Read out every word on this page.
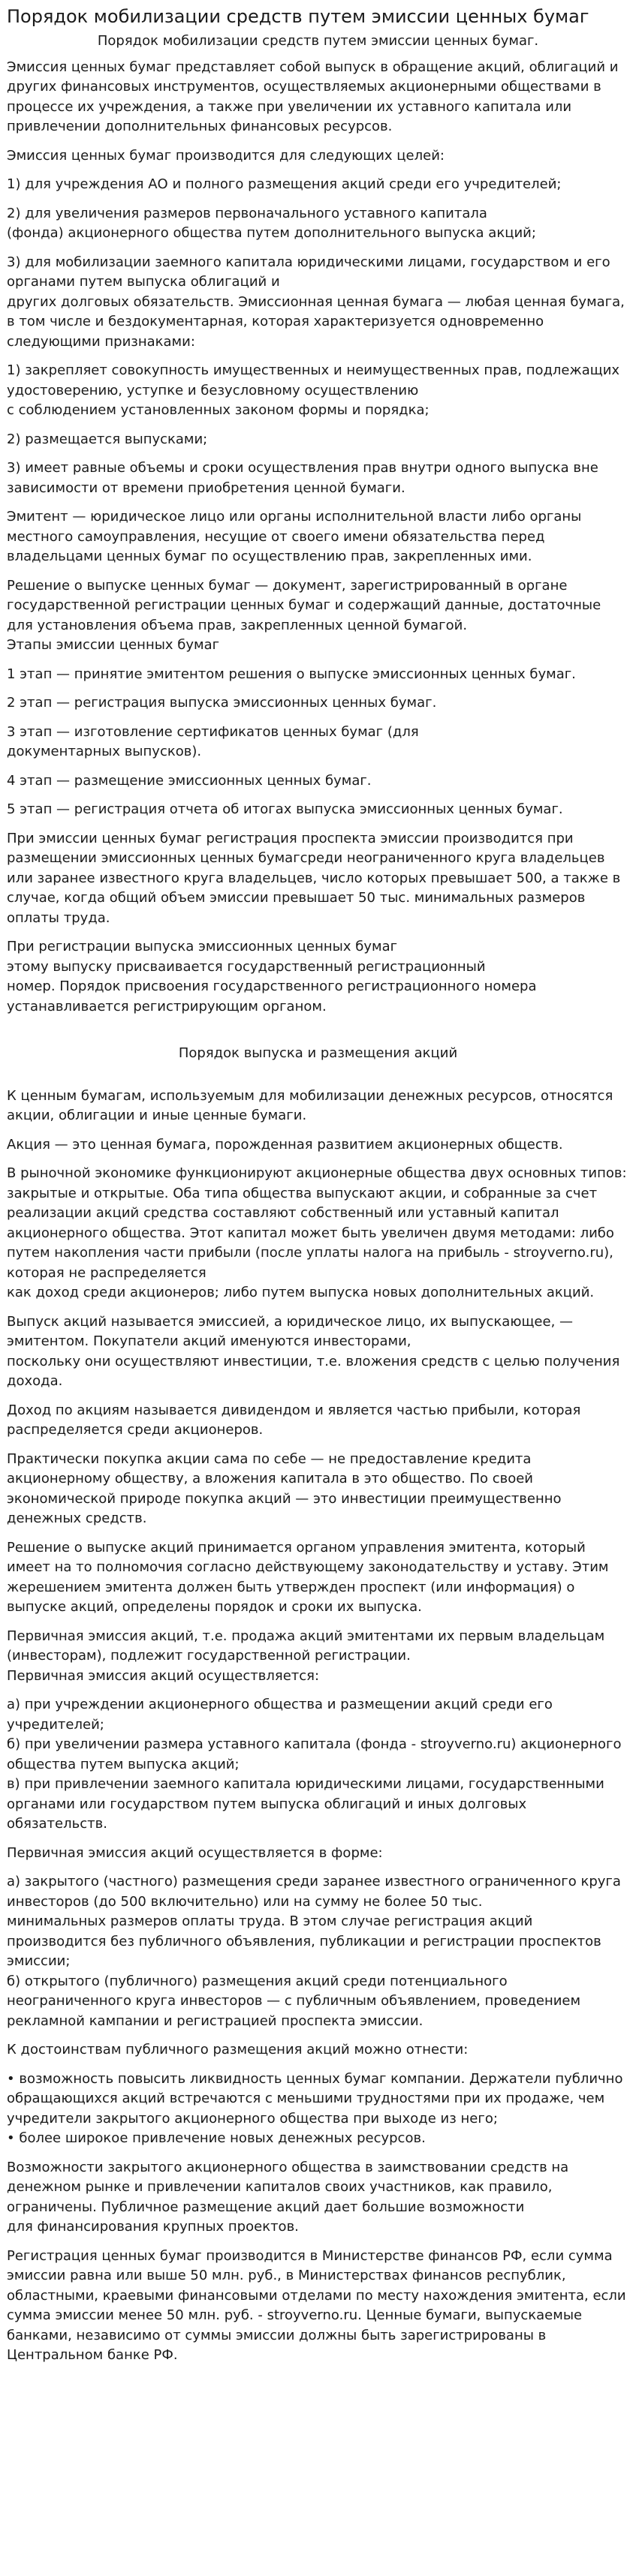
Порядок мобилизации средств путем эмиссии ценных бумаг

Порядок мобилизации средств путем эмиссии ценных бумаг.

Эмиссия ценных бумаг представляет собой выпуск в обращение акций, облигаций и других финансовых инструментов, осуществляемых акционерными обществами в процессе их учреждения, а также при увеличении их уставного капитала или привлечении дополнительных финансовых ресурсов.

Эмиссия ценных бумаг производится для следующих целей:

1) для учреждения АО и полного размещения акций среди его учредителей;

2) для увеличения размеров первоначального уставного капитала
(фонда) акционерного общества путем дополнительного выпуска акций;

3) для мобилизации заемного капитала юридическими лицами, государством и его органами путем выпуска облигаций и
других долговых обязательств. Эмиссионная ценная бумага — любая ценная бумага, в том числе и бездокументарная, которая характеризуется одновременно следующими признаками:

1) закрепляет совокупность имущественных и неимущественных прав, подлежащих удостоверению, уступке и безусловному осуществлению
с соблюдением установленных законом формы и порядка;

2) размещается выпусками;

3) имеет равные объемы и сроки осуществления прав внутри одного выпуска вне зависимости от времени приобретения ценной бумаги.

Эмитент — юридическое лицо или органы исполнительной власти либо органы местного самоуправления, несущие от своего имени обязательства перед владельцами ценных бумаг по осуществлению прав, закрепленных ими.

Решение о выпуске ценных бумаг — документ, зарегистрированный в органе государственной регистрации ценных бумаг и содержащий данные, достаточные для установления объема прав, закрепленных ценной бумагой.
Этапы эмиссии ценных бумаг

1 этап — принятие эмитентом решения о выпуске эмиссионных ценных бумаг.

2 этап — регистрация выпуска эмиссионных ценных бумаг.

3 этап — изготовление сертификатов ценных бумаг (для
документарных выпусков).

4 этап — размещение эмиссионных ценных бумаг.

5 этап — регистрация отчета об итогах выпуска эмиссионных ценных бумаг.

При эмиссии ценных бумаг регистрация проспекта эмиссии производится при размещении эмиссионных ценных бумагсреди неограниченного круга владельцев или заранее известного круга владельцев, число которых превышает 500, а также в случае, когда общий объем эмиссии превышает 50 тыс. минимальных размеров оплаты труда.

При регистрации выпуска эмиссионных ценных бумаг
этому выпуску присваивается государственный регистрационный
номер. Порядок присвоения государственного регистрационного номера устанавливается регистрирующим органом.

Порядок выпуска и размещения акций

К ценным бумагам, используемым для мобилизации денежных ресурсов, относятся акции, облигации и иные ценные бумаги.

Акция — это ценная бумага, порожденная развитием акционерных обществ.

В рыночной экономике функционируют акционерные общества двух основных типов: закрытые и открытые. Оба типа общества выпускают акции, и собранные за счет реализации акций средства составляют собственный или уставный капитал акционерного общества. Этот капитал может быть увеличен двумя методами: либо путем накопления части прибыли (после уплаты налога на прибыль - stroyverno.ru), которая не распределяется
как доход среди акционеров; либо путем выпуска новых дополнительных акций.

Выпуск акций называется эмиссией, а юридическое лицо, их выпускающее, — эмитентом. Покупатели акций именуются инвесторами,
поскольку они осуществляют инвестиции, т.е. вложения средств с целью получения дохода.

Доход по акциям называется дивидендом и является частью прибыли, которая распределяется среди акционеров.

Практически покупка акции сама по себе — не предоставление кредита акционерному обществу, а вложения капитала в это общество. По своей экономической природе покупка акций — это инвестиции преимущественно денежных средств.

Решение о выпуске акций принимается органом управления эмитента, который имеет на то полномочия согласно действующему законодательству и уставу. Этим жерешением эмитента должен быть утвержден проспект (или информация) о выпуске акций, определены порядок и сроки их выпуска.

Первичная эмиссия акций, т.е. продажа акций эмитентами их первым владельцам (инвесторам), подлежит государственной регистрации.
Первичная эмиссия акций осуществляется:

а) при учреждении акционерного общества и размещении акций среди его учредителей;
б) при увеличении размера уставного капитала (фонда - stroyverno.ru) акционерного общества путем выпуска акций;
в) при привлечении заемного капитала юридическими лицами, государственными органами или государством путем выпуска облигаций и иных долговых обязательств.

Первичная эмиссия акций осуществляется в форме:

а) закрытого (частного) размещения среди заранее известного ограниченного круга инвесторов (до 500 включительно) или на сумму не более 50 тыс.
минимальных размеров оплаты труда. В этом случае регистрация акций производится без публичного объявления, публикации и регистрации проспектов эмиссии;
б) открытого (публичного) размещения акций среди потенциального неограниченного круга инвесторов — с публичным объявлением, проведением рекламной кампании и регистрацией проспекта эмиссии.

К достоинствам публичного размещения акций можно отнести:

• возможность повысить ликвидность ценных бумаг компании. Держатели публично обращающихся акций встречаются с меньшими трудностями при их продаже, чем учредители закрытого акционерного общества при выходе из него;
• более широкое привлечение новых денежных ресурсов.

Возможности закрытого акционерного общества в заимствовании средств на денежном рынке и привлечении капиталов своих участников, как правило, ограничены. Публичное размещение акций дает большие возможности
для финансирования крупных проектов.

Регистрация ценных бумаг производится в Министерстве финансов РФ, если сумма эмиссии равна или выше 50 млн. руб., в Министерствах финансов республик, областными, краевыми финансовыми отделами по месту нахождения эмитента, если сумма эмиссии менее 50 млн. руб. - stroyverno.ru. Ценные бумаги, выпускаемые банками, независимо от суммы эмиссии должны быть зарегистрированы в Центральном банке РФ.
